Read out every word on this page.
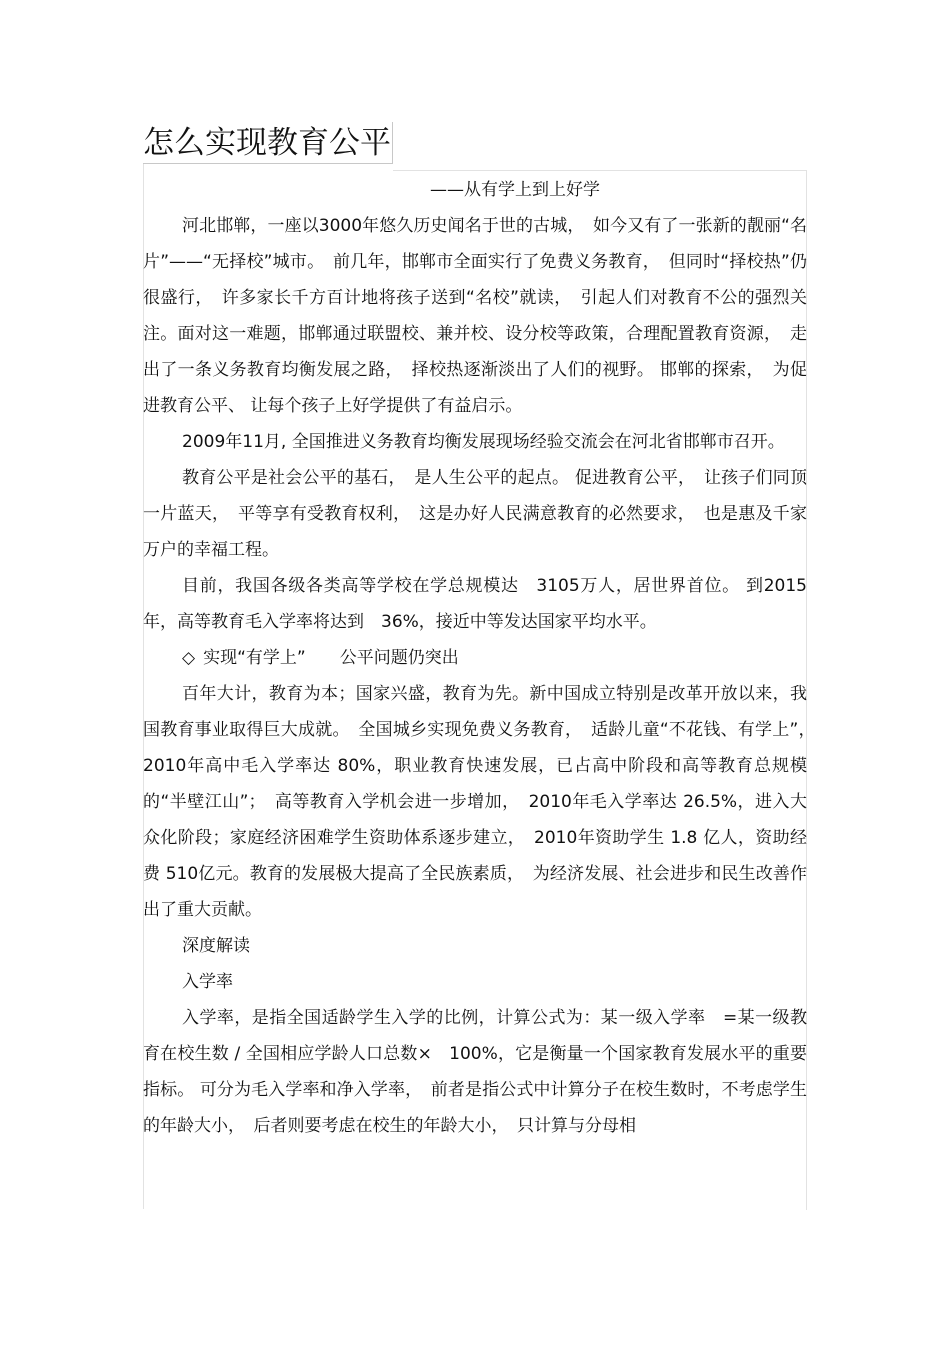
怎么实现教育公平

——从有学上到上好学

河北邯郸，一座以3000年悠久历史闻名于世的古城，　如今又有了一张新的靓丽“名片”——“无择校”城市。　前几年，邯郸市全面实行了免费义务教育，　但同时“择校热”仍很盛行，　许多家长千方百计地将孩子送到“名校”就读，　引起人们对教育不公的强烈关注。面对这一难题，邯郸通过联盟校、兼并校、设分校等政策，合理配置教育资源，　走出了一条义务教育均衡发展之路，　择校热逐渐淡出了人们的视野。 邯郸的探索，　为促进教育公平、 让每个孩子上好学提供了有益启示。

2009年11月, 全国推进义务教育均衡发展现场经验交流会在河北省邯郸市召开。

教育公平是社会公平的基石，　是人生公平的起点。 促进教育公平，　让孩子们同顶一片蓝天，　平等享有受教育权利，　这是办好人民满意教育的必然要求，　也是惠及千家万户的幸福工程。

目前，我国各级各类高等学校在学总规模达　3105万人，居世界首位。 到2015年，高等教育毛入学率将达到　36%，接近中等发达国家平均水平。

◇ 实现“有学上”　　公平问题仍突出

百年大计，教育为本；国家兴盛，教育为先。新中国成立特别是改革开放以来，我国教育事业取得巨大成就。　全国城乡实现免费义务教育，　适龄儿童“不花钱、有学上”，　2010年高中毛入学率达 80%，职业教育快速发展，已占高中阶段和高等教育总规模的“半壁江山”；　高等教育入学机会进一步增加，　2010年毛入学率达 26.5%，进入大众化阶段；家庭经济困难学生资助体系逐步建立，　2010年资助学生 1.8 亿人，资助经费 510亿元。教育的发展极大提高了全民族素质，　为经济发展、社会进步和民生改善作出了重大贡献。

深度解读

入学率

入学率，是指全国适龄学生入学的比例，计算公式为：某一级入学率　=某一级教育在校生数 / 全国相应学龄人口总数×　100%，它是衡量一个国家教育发展水平的重要指标。 可分为毛入学率和净入学率，　前者是指公式中计算分子在校生数时，不考虑学生的年龄大小，　后者则要考虑在校生的年龄大小，　只计算与分母相
